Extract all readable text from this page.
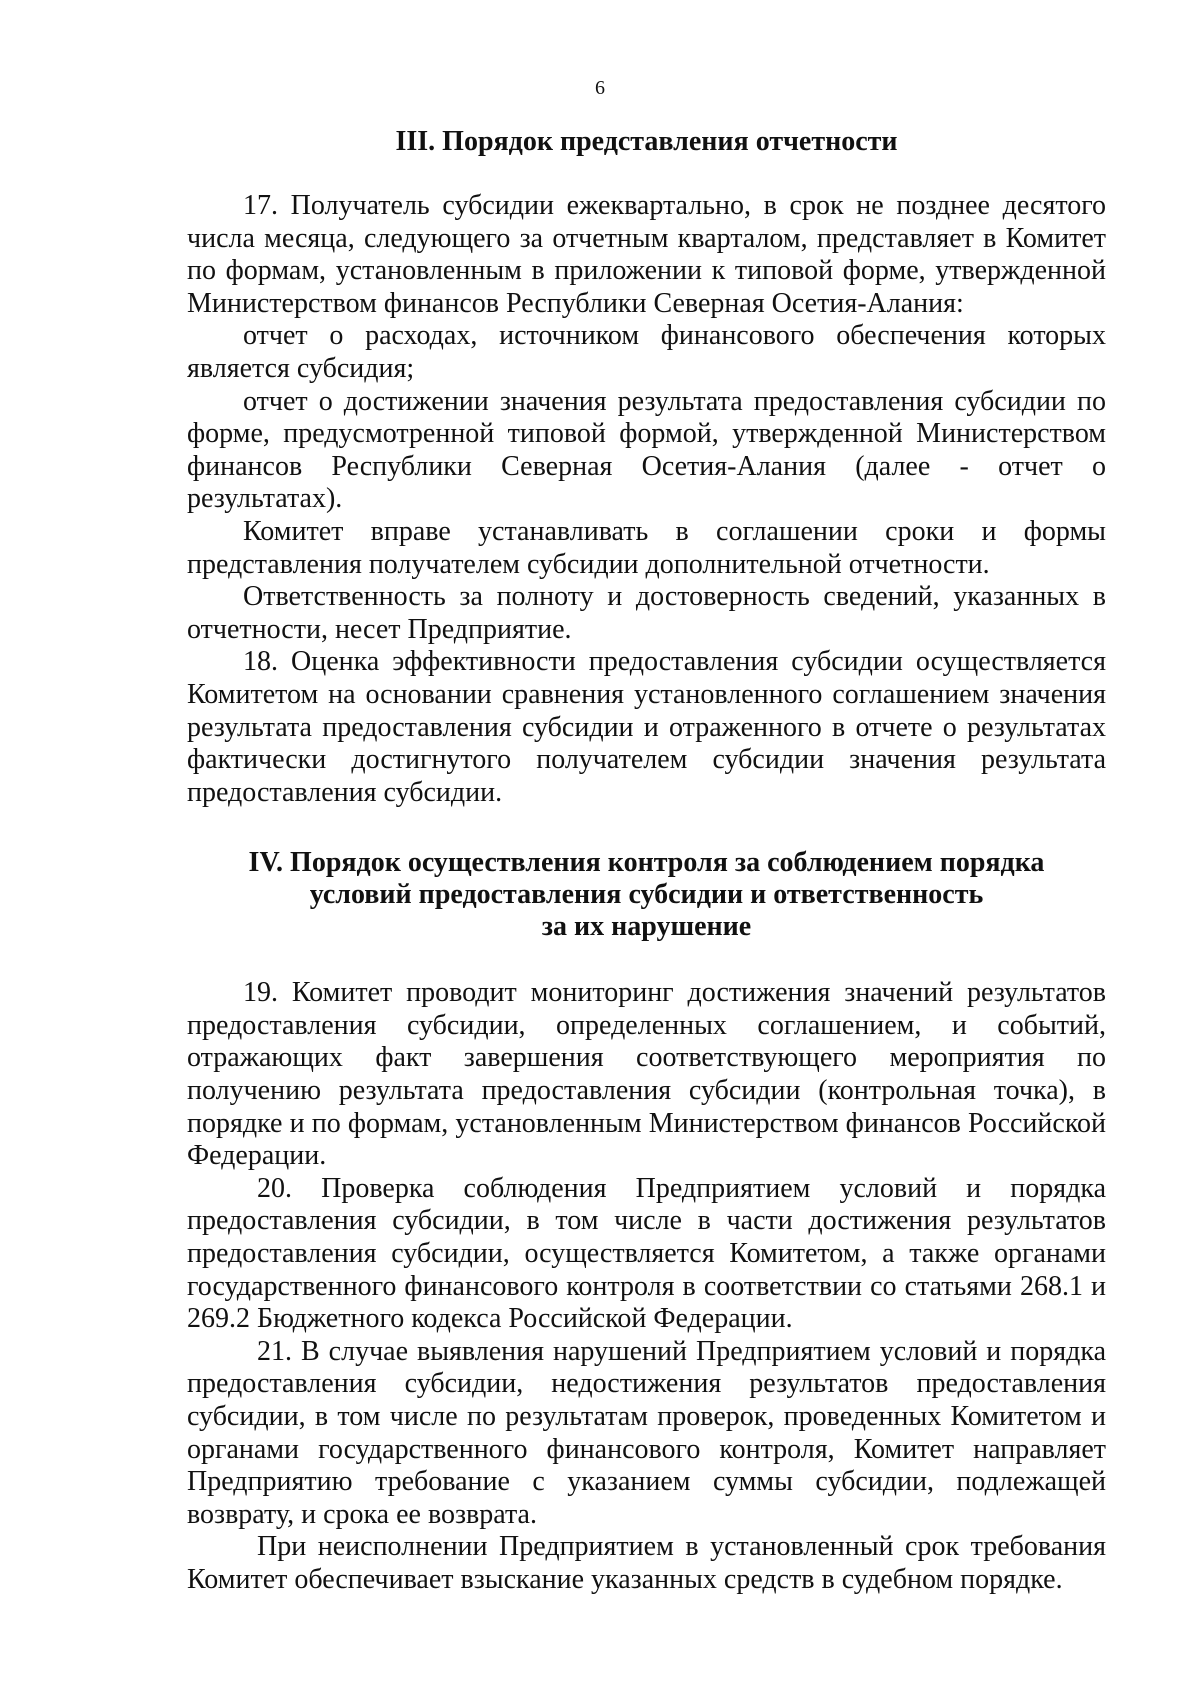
6
III. Порядок представления отчетности

17. Получатель субсидии ежеквартально, в срок не позднее десятого числа месяца, следующего за отчетным кварталом, представляет в Комитет по формам, установленным в приложении к типовой форме, утвержденной Министерством финансов Республики Северная Осетия-Алания:

отчет о расходах, источником финансового обеспечения которых является субсидия;

отчет о достижении значения результата предоставления субсидии по форме, предусмотренной типовой формой, утвержденной Министерством финансов Республики Северная Осетия-Алания (далее - отчет о результатах).

Комитет вправе устанавливать в соглашении сроки и формы представления получателем субсидии дополнительной отчетности.

Ответственность за полноту и достоверность сведений, указанных в отчетности, несет Предприятие.

18. Оценка эффективности предоставления субсидии осуществляется Комитетом на основании сравнения установленного соглашением значения результата предоставления субсидии и отраженного в отчете о результатах фактически достигнутого получателем субсидии значения результата предоставления субсидии.

IV. Порядок осуществления контроля за соблюдением порядка
условий предоставления субсидии и ответственность
за их нарушение

19. Комитет проводит мониторинг достижения значений результатов предоставления субсидии, определенных соглашением, и событий, отражающих факт завершения соответствующего мероприятия по получению результата предоставления субсидии (контрольная точка), в порядке и по формам, установленным Министерством финансов Российской Федерации.

20. Проверка соблюдения Предприятием условий и порядка предоставления субсидии, в том числе в части достижения результатов предоставления субсидии, осуществляется Комитетом, а также органами государственного финансового контроля в соответствии со статьями 268.1 и 269.2 Бюджетного кодекса Российской Федерации.

21. В случае выявления нарушений Предприятием условий и порядка предоставления субсидии, недостижения результатов предоставления субсидии, в том числе по результатам проверок, проведенных Комитетом и органами государственного финансового контроля, Комитет направляет Предприятию требование с указанием суммы субсидии, подлежащей возврату, и срока ее возврата.

При неисполнении Предприятием в установленный срок требования Комитет обеспечивает взыскание указанных средств в судебном порядке.
